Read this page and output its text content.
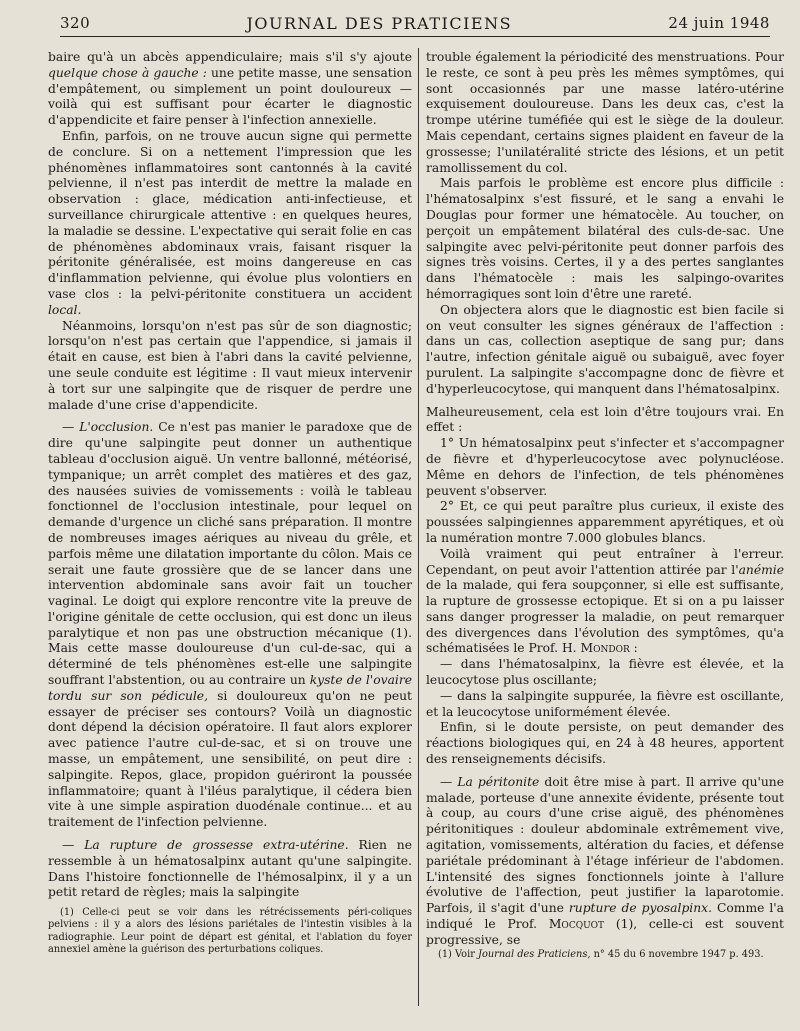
320	JOURNAL DES PRATICIENS	24 juin 1948

baire qu'à un abcès appendiculaire; mais s'il s'y ajoute quelque chose à gauche : une petite masse, une sensation d'empâtement, ou simplement un point douloureux — voilà qui est suffisant pour écarter le diagnostic d'appendicite et faire penser à l'infection annexielle.

Enfin, parfois, on ne trouve aucun signe qui permette de conclure. Si on a nettement l'impression que les phénomènes inflammatoires sont cantonnés à la cavité pelvienne, il n'est pas interdit de mettre la malade en observation : glace, médication anti-infectieuse, et surveillance chirurgicale attentive : en quelques heures, la maladie se dessine. L'expectative qui serait folie en cas de phénomènes abdominaux vrais, faisant risquer la péritonite généralisée, est moins dangereuse en cas d'inflammation pelvienne, qui évolue plus volontiers en vase clos : la pelvi-péritonite constituera un accident local.

Néanmoins, lorsqu'on n'est pas sûr de son diagnostic; lorsqu'on n'est pas certain que l'appendice, si jamais il était en cause, est bien à l'abri dans la cavité pelvienne, une seule conduite est légitime : Il vaut mieux intervenir à tort sur une salpingite que de risquer de perdre une malade d'une crise d'appendicite.

— L'occlusion. Ce n'est pas manier le paradoxe que de dire qu'une salpingite peut donner un authentique tableau d'occlusion aiguë. Un ventre ballonné, météorisé, tympanique; un arrêt complet des matières et des gaz, des nausées suivies de vomissements : voilà le tableau fonctionnel de l'occlusion intestinale, pour lequel on demande d'urgence un cliché sans préparation. Il montre de nombreuses images aériques au niveau du grêle, et parfois même une dilatation importante du côlon. Mais ce serait une faute grossière que de se lancer dans une intervention abdominale sans avoir fait un toucher vaginal. Le doigt qui explore rencontre vite la preuve de l'origine génitale de cette occlusion, qui est donc un ileus paralytique et non pas une obstruction mécanique (1). Mais cette masse douloureuse d'un cul-de-sac, qui a déterminé de tels phénomènes est-elle une salpingite souffrant l'abstention, ou au contraire un kyste de l'ovaire tordu sur son pédicule, si douloureux qu'on ne peut essayer de préciser ses contours? Voilà un diagnostic dont dépend la décision opératoire. Il faut alors explorer avec patience l'autre cul-de-sac, et si on trouve une masse, un empâtement, une sensibilité, on peut dire : salpingite. Repos, glace, propidon guériront la poussée inflammatoire; quant à l'iléus paralytique, il cédera bien vite à une simple aspiration duodénale continue... et au traitement de l'infection pelvienne.

— La rupture de grossesse extra-utérine. Rien ne ressemble à un hématosalpinx autant qu'une salpingite. Dans l'histoire fonctionnelle de l'hémosalpinx, il y a un petit retard de règles; mais la salpingite

(1) Celle-ci peut se voir dans les rétrécissements péri-coliques pelviens : il y a alors des lésions pariétales de l'intestin visibles à la radiographie. Leur point de départ est génital, et l'ablation du foyer annexiel amène la guérison des perturbations coliques.

trouble également la périodicité des menstruations. Pour le reste, ce sont à peu près les mêmes symptômes, qui sont occasionnés par une masse latéro-utérine exquisement douloureuse. Dans les deux cas, c'est la trompe utérine tuméfiée qui est le siège de la douleur. Mais cependant, certains signes plaident en faveur de la grossesse; l'unilatéralité stricte des lésions, et un petit ramollissement du col.

Mais parfois le problème est encore plus difficile : l'hématosalpinx s'est fissuré, et le sang a envahi le Douglas pour former une hématocèle. Au toucher, on perçoit un empâtement bilatéral des culs-de-sac. Une salpingite avec pelvi-péritonite peut donner parfois des signes très voisins. Certes, il y a des pertes sanglantes dans l'hématocèle : mais les salpingo-ovarites hémorragiques sont loin d'être une rareté.

On objectera alors que le diagnostic est bien facile si on veut consulter les signes généraux de l'affection : dans un cas, collection aseptique de sang pur; dans l'autre, infection génitale aiguë ou subaiguë, avec foyer purulent. La salpingite s'accompagne donc de fièvre et d'hyperleucocytose, qui manquent dans l'hématosalpinx.

Malheureusement, cela est loin d'être toujours vrai. En effet :

1° Un hématosalpinx peut s'infecter et s'accompagner de fièvre et d'hyperleucocytose avec polynucléose. Même en dehors de l'infection, de tels phénomènes peuvent s'observer.

2° Et, ce qui peut paraître plus curieux, il existe des poussées salpingiennes apparemment apyrétiques, et où la numération montre 7.000 globules blancs.

Voilà vraiment qui peut entraîner à l'erreur. Cependant, on peut avoir l'attention attirée par l'anémie de la malade, qui fera soupçonner, si elle est suffisante, la rupture de grossesse ectopique. Et si on a pu laisser sans danger progresser la maladie, on peut remarquer des divergences dans l'évolution des symptômes, qu'a schématisées le Prof. H. Mondor :

— dans l'hématosalpinx, la fièvre est élevée, et la leucocytose plus oscillante;

— dans la salpingite suppurée, la fièvre est oscillante, et la leucocytose uniformément élevée.

Enfin, si le doute persiste, on peut demander des réactions biologiques qui, en 24 à 48 heures, apportent des renseignements décisifs.

— La péritonite doit être mise à part. Il arrive qu'une malade, porteuse d'une annexite évidente, présente tout à coup, au cours d'une crise aiguë, des phénomènes péritonitiques : douleur abdominale extrêmement vive, agitation, vomissements, altération du facies, et défense pariétale prédominant à l'étage inférieur de l'abdomen. L'intensité des signes fonctionnels jointe à l'allure évolutive de l'affection, peut justifier la laparotomie. Parfois, il s'agit d'une rupture de pyosalpinx. Comme l'a indiqué le Prof. Mocquot (1), celle-ci est souvent progressive, se

(1) Voir Journal des Praticiens, n° 45 du 6 novembre 1947 p. 493.
